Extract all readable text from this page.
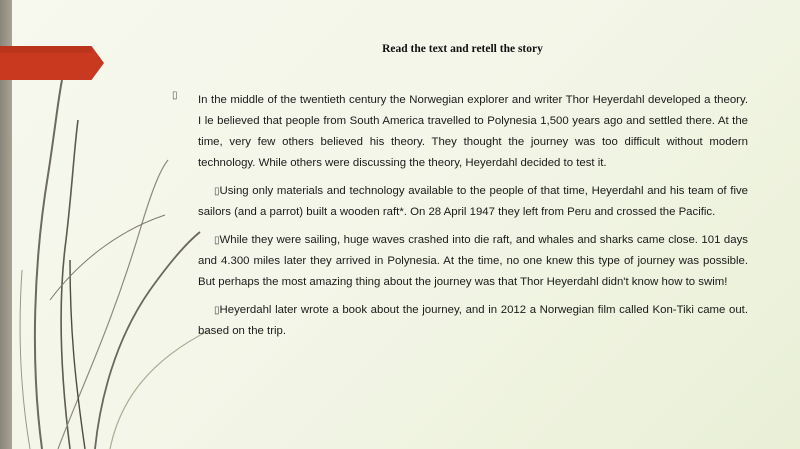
Read the text and retell the story
▯ In the middle of the twentieth century the Norwegian explorer and writer Thor Heyerdahl developed a theory. I le believed that people from South America travelled to Polynesia 1,500 years ago and settled there. At the time, very few others believed his theory. They thought the journey was too difficult without modern technology. While others were discussing the theory, Heyerdahl decided to test it.

▯Using only materials and technology available to the people of that time, Heyerdahl and his team of five sailors (and a parrot) built a wooden raft*. On 28 April 1947 they left from Peru and crossed the Pacific.

▯While they were sailing, huge waves crashed into die raft, and whales and sharks came close. 101 days and 4.300 miles later they arrived in Polynesia. At the time, no one knew this type of journey was possible. But perhaps the most amazing thing about the journey was that Thor Heyerdahl didn't know how to swim!

▯Heyerdahl later wrote a book about the journey, and in 2012 a Norwegian film called Kon-Tiki came out. based on the trip.
